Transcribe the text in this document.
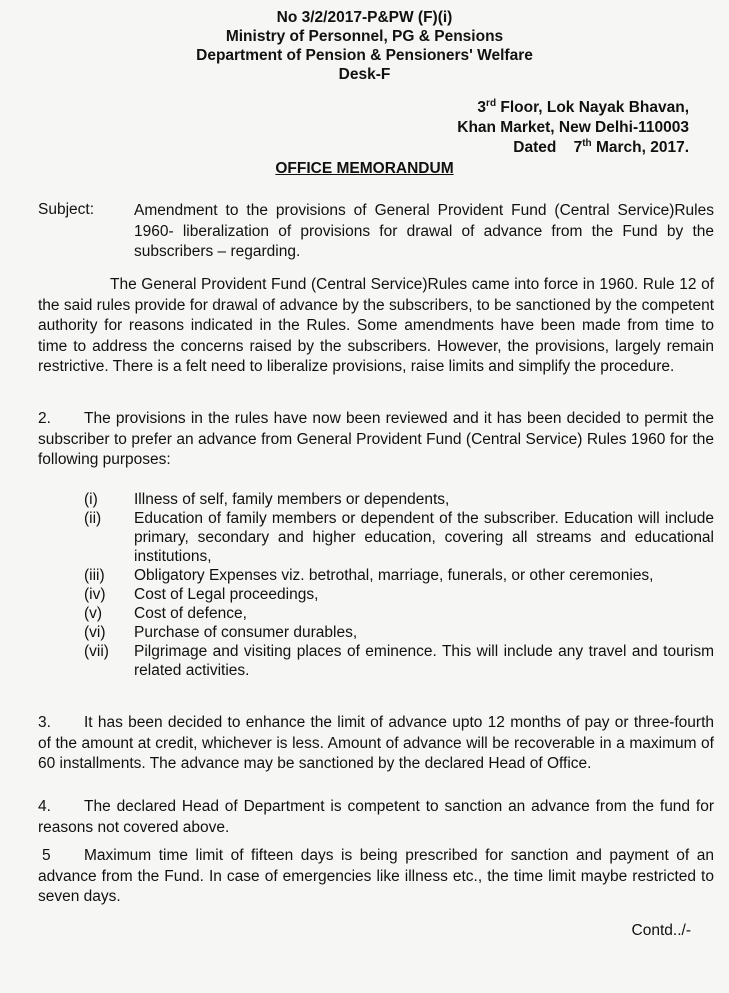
No 3/2/2017-P&PW (F)(i)
Ministry of Personnel, PG & Pensions
Department of Pension & Pensioners' Welfare
Desk-F
3rd Floor, Lok Nayak Bhavan,
Khan Market, New Delhi-110003
Dated 7th March, 2017.
OFFICE MEMORANDUM
Subject:	Amendment to the provisions of General Provident Fund (Central Service)Rules 1960- liberalization of provisions for drawal of advance from the Fund by the subscribers – regarding.
The General Provident Fund (Central Service)Rules came into force in 1960. Rule 12 of the said rules provide for drawal of advance by the subscribers, to be sanctioned by the competent authority for reasons indicated in the Rules. Some amendments have been made from time to time to address the concerns raised by the subscribers. However, the provisions, largely remain restrictive. There is a felt need to liberalize provisions, raise limits and simplify the procedure.
2. The provisions in the rules have now been reviewed and it has been decided to permit the subscriber to prefer an advance from General Provident Fund (Central Service) Rules 1960 for the following purposes:
(i)	Illness of self, family members or dependents,
(ii)	Education of family members or dependent of the subscriber. Education will include primary, secondary and higher education, covering all streams and educational institutions,
(iii)	Obligatory Expenses viz. betrothal, marriage, funerals, or other ceremonies,
(iv)	Cost of Legal proceedings,
(v)	Cost of defence,
(vi)	Purchase of consumer durables,
(vii)	Pilgrimage and visiting places of eminence. This will include any travel and tourism related activities.
3. It has been decided to enhance the limit of advance upto 12 months of pay or three-fourth of the amount at credit, whichever is less. Amount of advance will be recoverable in a maximum of 60 installments. The advance may be sanctioned by the declared Head of Office.
4. The declared Head of Department is competent to sanction an advance from the fund for reasons not covered above.
5 Maximum time limit of fifteen days is being prescribed for sanction and payment of an advance from the Fund. In case of emergencies like illness etc., the time limit maybe restricted to seven days.
Contd../-
